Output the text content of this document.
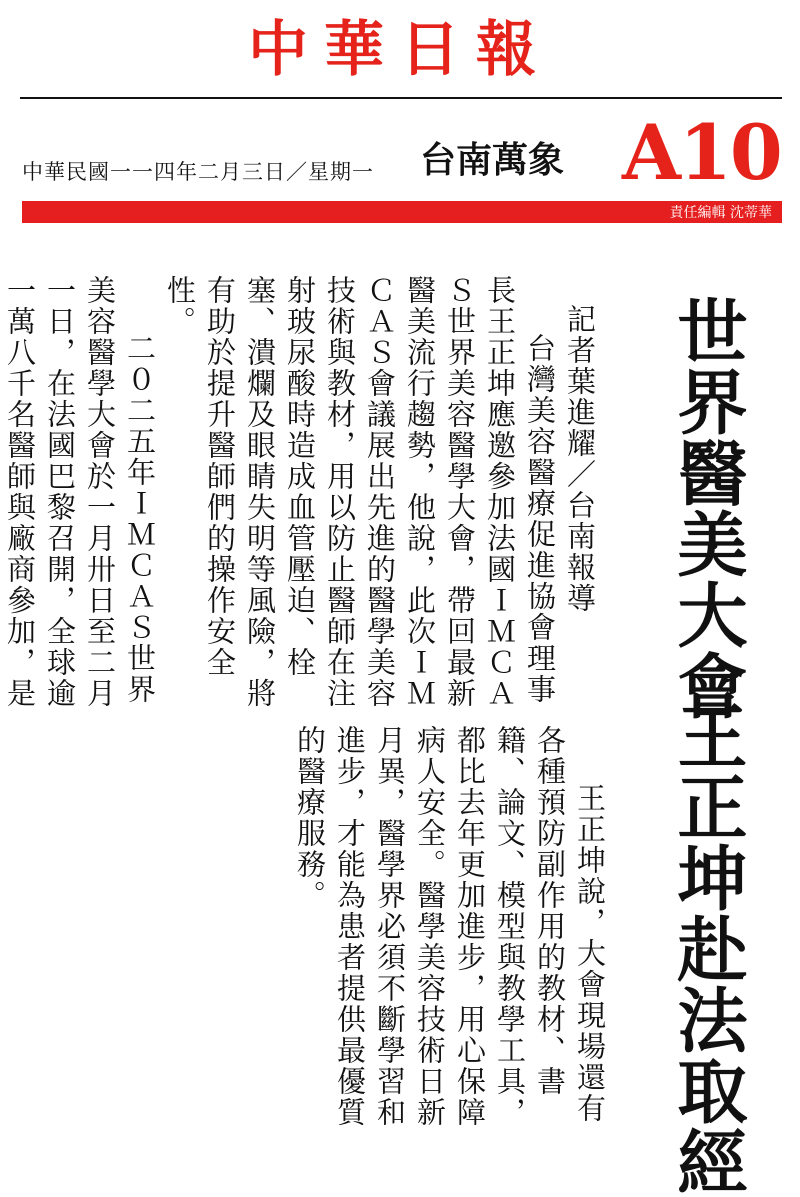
中華日報
中華民國一一四年二月三日／星期一 台南萬象 A10
責任編輯 沈蒂華
世界醫美大會
王正坤赴法取經

記者葉進耀／台南報導

台灣美容醫療促進協會理事長王正坤應邀參加法國ＩＭＣＡＳ世界美容醫學大會，帶回最新醫美流行趨勢，他說，此次ＩＭＣＡＳ會議展出先進的醫學美容技術與教材，用以防止醫師在注射玻尿酸時造成血管壓迫、栓塞、潰爛及眼睛失明等風險，將有助於提升醫師們的操作安全性。

二０二五年ＩＭＣＡＳ世界美容醫學大會於一月卅日至二月一日，在法國巴黎召開，全球逾一萬八千名醫師與廠商參加，是

王正坤說，大會現場還有各種預防副作用的教材、書籍、論文、模型與教學工具，都比去年更加進步，用心保障病人安全。醫學美容技術日新月異，醫學界必須不斷學習和進步，才能為患者提供最優質的醫療服務。
